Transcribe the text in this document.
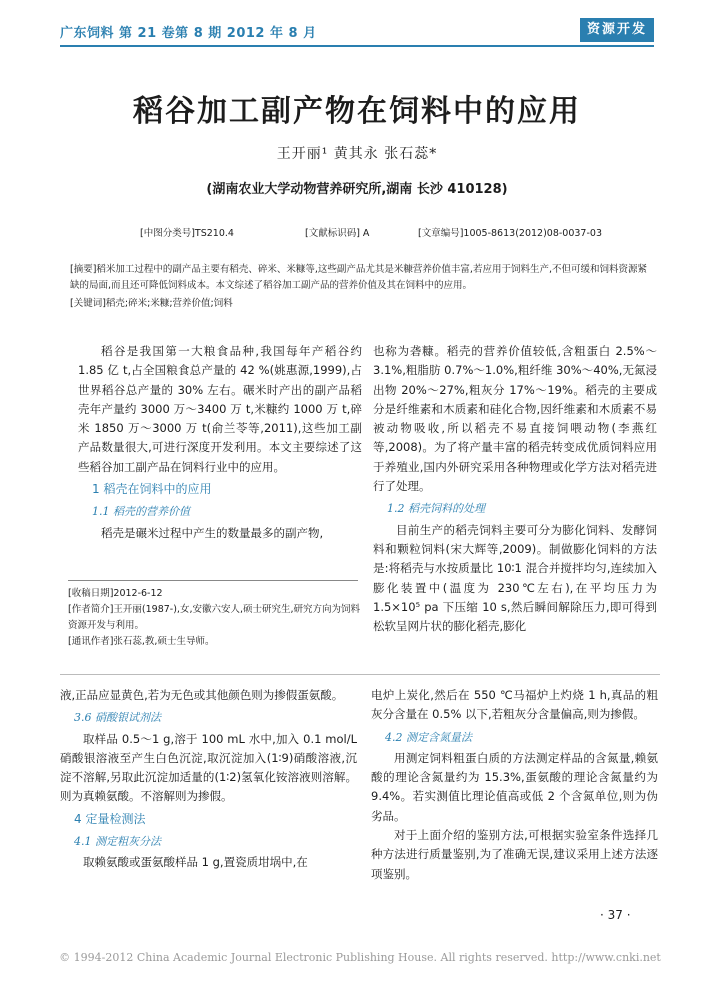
广东饲料 第 21 卷第 8 期 2012 年 8 月	资源开发
稻谷加工副产物在饲料中的应用
王开丽¹ 黄其永 张石蕊*
(湖南农业大学动物营养研究所,湖南 长沙 410128)
[中图分类号]TS210.4	[文献标识码] A	[文章编号]1005-8613(2012)08-0037-03
[摘要]稻米加工过程中的副产品主要有稻壳、碎米、米糠等,这些副产品尤其是米糠营养价值丰富,若应用于饲料生产,不但可缓和饲料资源紧缺的局面,而且还可降低饲料成本。本文综述了稻谷加工副产品的营养价值及其在饲料中的应用。
[关键词]稻壳;碎米;米糠;营养价值;饲料

稻谷是我国第一大粮食品种,我国每年产稻谷约 1.85 亿 t,占全国粮食总产量的 42 %(姚惠源,1999),占世界稻谷总产量的 30% 左右。碾米时产出的副产品稻壳年产量约 3000 万～3400 万 t,米糠约 1000 万 t,碎米 1850 万～3000 万 t(俞兰苓等,2011),这些加工副产品数量很大,可进行深度开发利用。本文主要综述了这些稻谷加工副产品在饲料行业中的应用。

1 稻壳在饲料中的应用
1.1 稻壳的营养价值

稻壳是碾米过程中产生的数量最多的副产物,

也称为砻糠。稻壳的营养价值较低,含粗蛋白 2.5%～3.1%,粗脂肪 0.7%～1.0%,粗纤维 30%～40%,无氮浸出物 20%～27%,粗灰分 17%～19%。稻壳的主要成分是纤维素和木质素和硅化合物,因纤维素和木质素不易被动物吸收,所以稻壳不易直接饲喂动物(李燕红等,2008)。为了将产量丰富的稻壳转变成优质饲料应用于养殖业,国内外研究采用各种物理或化学方法对稻壳进行了处理。

1.2 稻壳饲料的处理

目前生产的稻壳饲料主要可分为膨化饲料、发酵饲料和颗粒饲料(宋大辉等,2009)。制做膨化饲料的方法是:将稻壳与水按质量比 10∶1 混合并搅拌均匀,连续加入膨化装置中(温度为 230℃左右),在平均压力为 1.5×10⁵ pa 下压缩 10 s,然后瞬间解除压力,即可得到松软呈网片状的膨化稻壳,膨化

[收稿日期]2012-6-12
[作者简介]王开丽(1987-),女,安徽六安人,硕士研究生,研究方向为饲料资源开发与利用。
[通讯作者]张石蕊,教,硕士生导师。

液,正品应显黄色,若为无色或其他颜色则为掺假蛋氨酸。

3.6 硝酸银试剂法

取样品 0.5～1 g,溶于 100 mL 水中,加入 0.1 mol/L 硝酸银溶液至产生白色沉淀,取沉淀加入(1∶9)硝酸溶液,沉淀不溶解,另取此沉淀加适量的(1∶2)氢氧化铵溶液则溶解。则为真赖氨酸。不溶解则为掺假。

4 定量检测法
4.1 测定粗灰分法

取赖氨酸或蛋氨酸样品 1 g,置瓷质坩埚中,在

电炉上炭化,然后在 550 ℃马福炉上灼烧 1 h,真品的粗灰分含量在 0.5% 以下,若粗灰分含量偏高,则为掺假。

4.2 测定含氮量法

用测定饲料粗蛋白质的方法测定样品的含氮量,赖氨酸的理论含氮量约为 15.3%,蛋氨酸的理论含氮量约为 9.4%。若实测值比理论值高或低 2 个含氮单位,则为伪劣品。

对于上面介绍的鉴别方法,可根据实验室条件选择几种方法进行质量鉴别,为了准确无误,建议采用上述方法逐项鉴别。

· 37 ·
© 1994-2012 China Academic Journal Electronic Publishing House. All rights reserved. http://www.cnki.net
